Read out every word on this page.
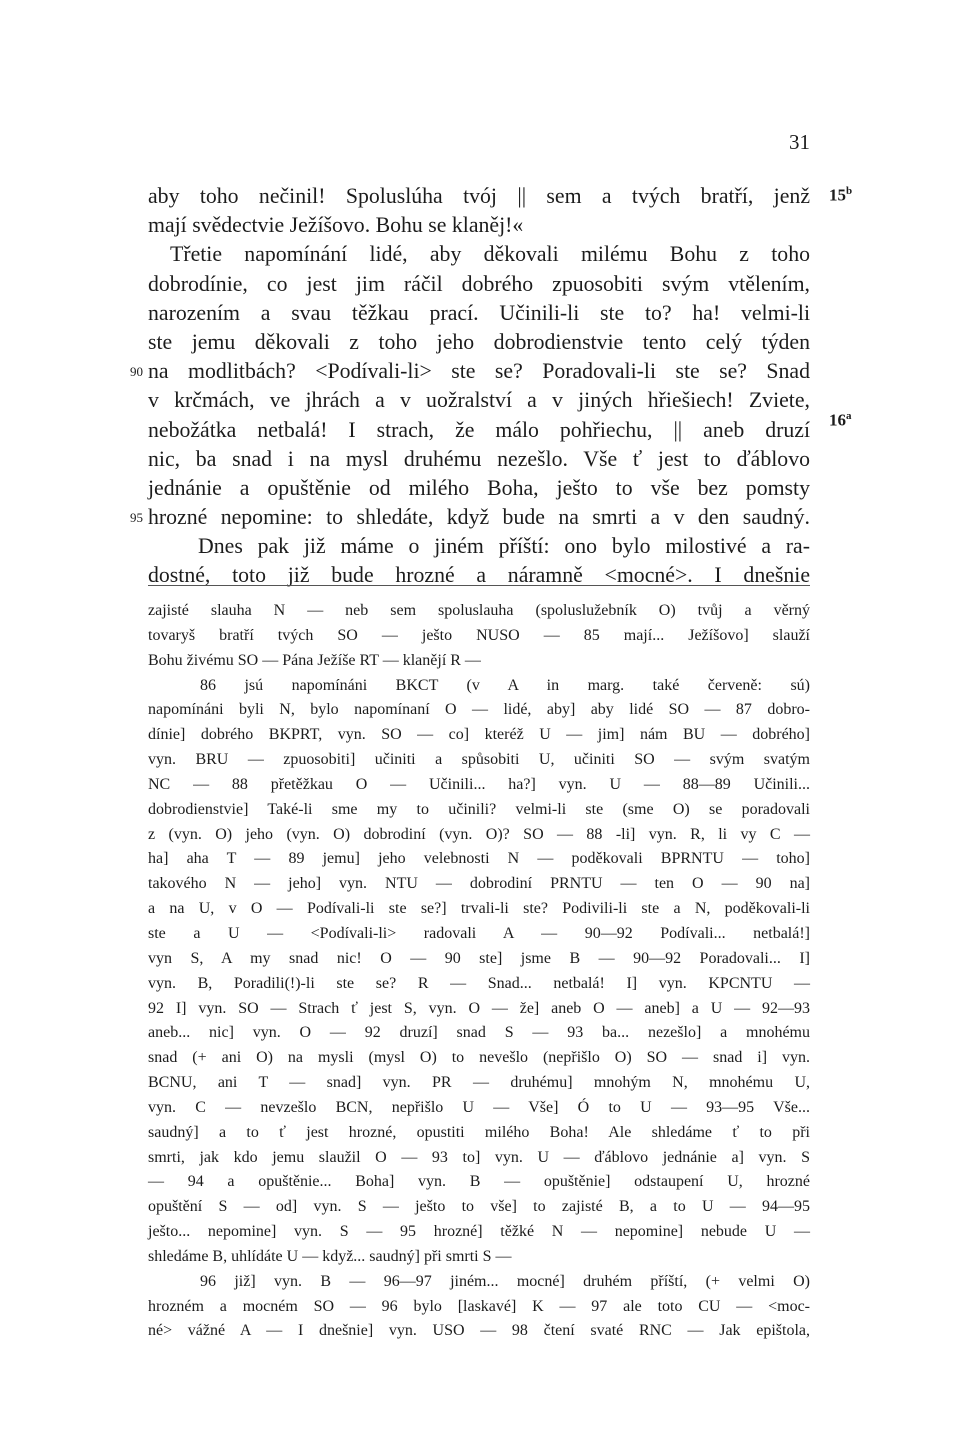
31
15$^b$
16$^a$
aby toho nečinil! Spoluslúha tvój || sem a tvých bratří, jenž
mají svědectvie Ježíšovo. Bohu se klaněj!«
Třetie napomínání lidé, aby děkovali milému Bohu z toho
dobrodínie, co jest jim ráčil dobrého zpuosobiti svým vtělením,
narozením a svau těžkau prací. Učinili-li ste to? ha! velmi-li
ste jemu děkovali z toho jeho dobrodienstvie tento celý týden
90 na modlitbách? <Podívali-li> ste se? Poradovali-li ste se? Snad
v krčmách, ve jhrách a v uožralství a v jiných hřiešiech! Zviete,
nebožátka netbalá! I strach, že málo pohřiechu, || aneb druzí
nic, ba snad i na mysl druhému nezešlo. Vše ť jest to ďáblovo
jednánie a opuštěnie od milého Boha, ješto to vše bez pomsty
95 hrozné nepomine: to shledáte, když bude na smrti a v den saudný.
Dnes pak již máme o jiném příští: ono bylo milostivé a ra-
dostné, toto již bude hrozné a náramně <mocné>. I dnešnie
zajisté slauha N — neb sem spoluslauha (spoluslužebník O) tvůj a věrný
tovaryš bratří tvých SO — ješto NUSO — 85 mají... Ježíšovo] slauží
Bohu živému SO — Pána Ježíše RT — klanějí R —
86 jsú napomínáni BKCT (v A in marg. také červeně: sú)
napomínáni byli N, bylo napomínaní O — lidé, aby] aby lidé SO — 87 dobro-
dínie] dobrého BKPRT, vyn. SO — co] kteréž U — jim] nám BU — dobrého]
vyn. BRU — zpuosobiti] učiniti a spůsobiti U, učiniti SO — svým svatým
NC — 88 přetěžkau O — Učinili... ha?] vyn. U — 88—89 Učinili...
dobrodienstvie] Také-li sme my to učinili? velmi-li ste (sme O) se poradovali
z (vyn. O) jeho (vyn. O) dobrodiní (vyn. O)? SO — 88 -li] vyn. R, li vy C —
ha] aha T — 89 jemu] jeho velebnosti N — poděkovali BPRNTU — toho]
takového N — jeho] vyn. NTU — dobrodiní PRNTU — ten O — 90 na]
a na U, v O — Podívali-li ste se?] trvali-li ste? Podivili-li ste a N, poděkovali-li
ste a U — <Podívali-li> radovali A — 90—92 Podívali... netbalá!]
vyn S, A my snad nic! O — 90 ste] jsme B — 90—92 Poradovali... I]
vyn. B, Poradili(!)-li ste se? R — Snad... netbalá! I] vyn. KPCNTU —
92 I] vyn. SO — Strach ť jest S, vyn. O — že] aneb O — aneb] a U — 92—93
aneb... nic] vyn. O — 92 druzí] snad S — 93 ba... nezešlo] a mnohému
snad (+ ani O) na mysli (mysl O) to nevešlo (nepřišlo O) SO — snad i] vyn.
BCNU, ani T — snad] vyn. PR — druhému] mnohým N, mnohému U,
vyn. C — nevzešlo BCN, nepřišlo U — Vše] Ó to U — 93—95 Vše...
saudný] a to ť jest hrozné, opustiti milého Boha! Ale shledáme ť to při
smrti, jak kdo jemu slaužil O — 93 to] vyn. U — ďáblovo jednánie a] vyn. S
— 94 a opuštěnie... Boha] vyn. B — opuštěnie] odstaupení U, hrozné
opuštění S — od] vyn. S — ješto to vše] to zajisté B, a to U — 94—95
ješto... nepomine] vyn. S — 95 hrozné] těžké N — nepomine] nebude U —
shledáme B, uhlídáte U — když... saudný] při smrti S —
96 již] vyn. B — 96—97 jiném... mocné] druhém příští, (+ velmi O)
hrozném a mocném SO — 96 bylo [laskavé] K — 97 ale toto CU — <moc-
né> vážné A — I dnešnie] vyn. USO — 98 čtení svaté RNC — Jak epištola,
